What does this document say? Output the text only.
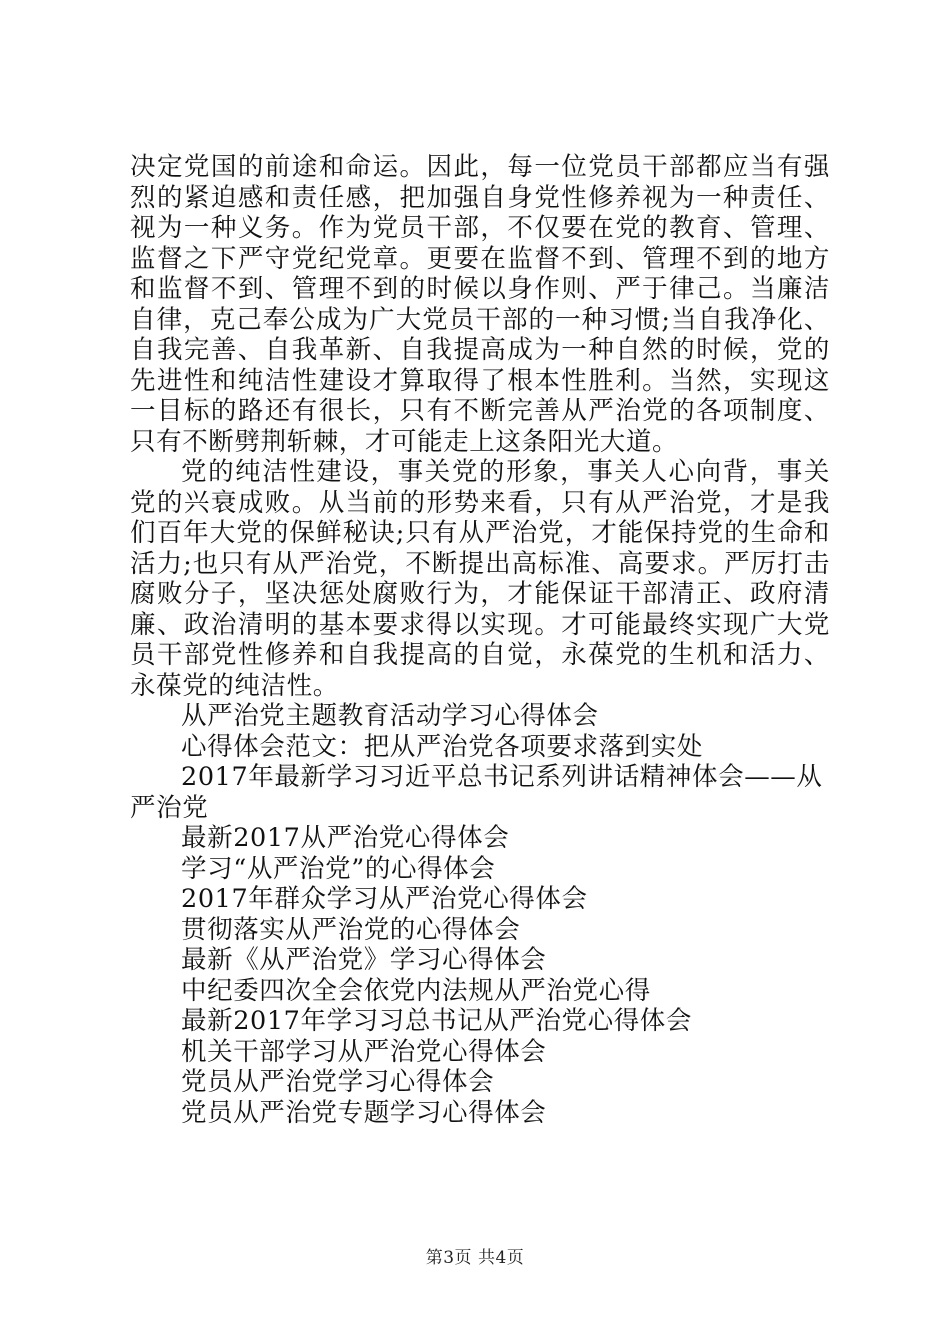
决定党国的前途和命运。因此，每一位党员干部都应当有强烈的紧迫感和责任感，把加强自身党性修养视为一种责任、视为一种义务。作为党员干部，不仅要在党的教育、管理、监督之下严守党纪党章。更要在监督不到、管理不到的地方和监督不到、管理不到的时候以身作则、严于律己。当廉洁自律，克己奉公成为广大党员干部的一种习惯;当自我净化、自我完善、自我革新、自我提高成为一种自然的时候，党的先进性和纯洁性建设才算取得了根本性胜利。当然，实现这一目标的路还有很长，只有不断完善从严治党的各项制度、只有不断劈荆斩棘，才可能走上这条阳光大道。

党的纯洁性建设，事关党的形象，事关人心向背，事关党的兴衰成败。从当前的形势来看，只有从严治党，才是我们百年大党的保鲜秘诀;只有从严治党，才能保持党的生命和活力;也只有从严治党，不断提出高标准、高要求。严厉打击腐败分子，坚决惩处腐败行为，才能保证干部清正、政府清廉、政治清明的基本要求得以实现。才可能最终实现广大党员干部党性修养和自我提高的自觉，永葆党的生机和活力、永葆党的纯洁性。

从严治党主题教育活动学习心得体会
心得体会范文：把从严治党各项要求落到实处
2017年最新学习习近平总书记系列讲话精神体会——从严治党
最新2017从严治党心得体会
学习“从严治党”的心得体会
2017年群众学习从严治党心得体会
贯彻落实从严治党的心得体会
最新《从严治党》学习心得体会
中纪委四次全会依党内法规从严治党心得
最新2017年学习习总书记从严治党心得体会
机关干部学习从严治党心得体会
党员从严治党学习心得体会
党员从严治党专题学习心得体会
第3页 共4页
